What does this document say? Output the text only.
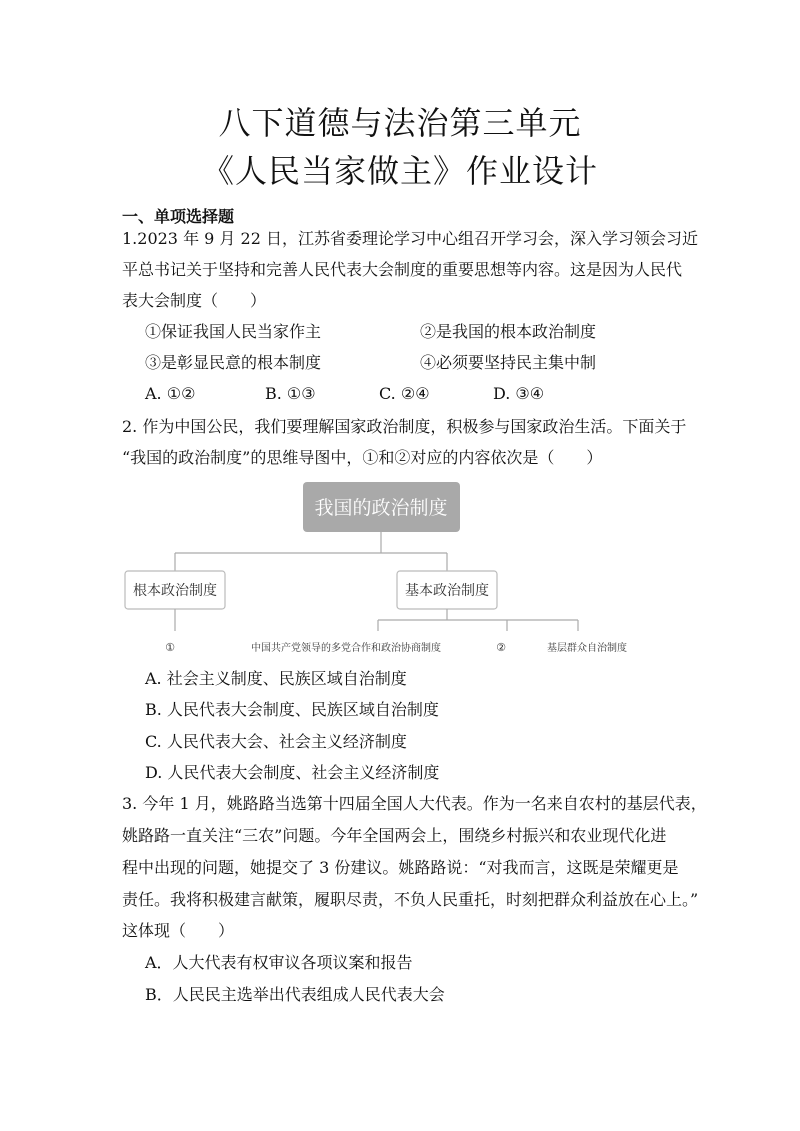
八下道德与法治第三单元
《人民当家做主》作业设计
一、单项选择题
1.2023 年 9 月 22 日，江苏省委理论学习中心组召开学习会，深入学习领会习近
平总书记关于坚持和完善人民代表大会制度的重要思想等内容。这是因为人民代
表大会制度（　　）
①保证我国人民当家作主	②是我国的根本政治制度
③是彰显民意的根本制度	④必须要坚持民主集中制
A. ①②	B. ①③	C. ②④	D. ③④
2. 作为中国公民，我们要理解国家政治制度，积极参与国家政治生活。下面关于
“我国的政治制度”的思维导图中，①和②对应的内容依次是（　　）
我国的政治制度
根本政治制度	基本政治制度
①	中国共产党领导的多党合作和政治协商制度	②	基层群众自治制度
A. 社会主义制度、民族区域自治制度
B. 人民代表大会制度、民族区域自治制度
C. 人民代表大会、社会主义经济制度
D. 人民代表大会制度、社会主义经济制度
3. 今年 1 月，姚路路当选第十四届全国人大代表。作为一名来自农村的基层代表，
姚路路一直关注“三农”问题。今年全国两会上，围绕乡村振兴和农业现代化进
程中出现的问题，她提交了 3 份建议。姚路路说：“对我而言，这既是荣耀更是
责任。我将积极建言献策，履职尽责，不负人民重托，时刻把群众利益放在心上。”
这体现（　　）
A．人大代表有权审议各项议案和报告
B．人民民主选举出代表组成人民代表大会
